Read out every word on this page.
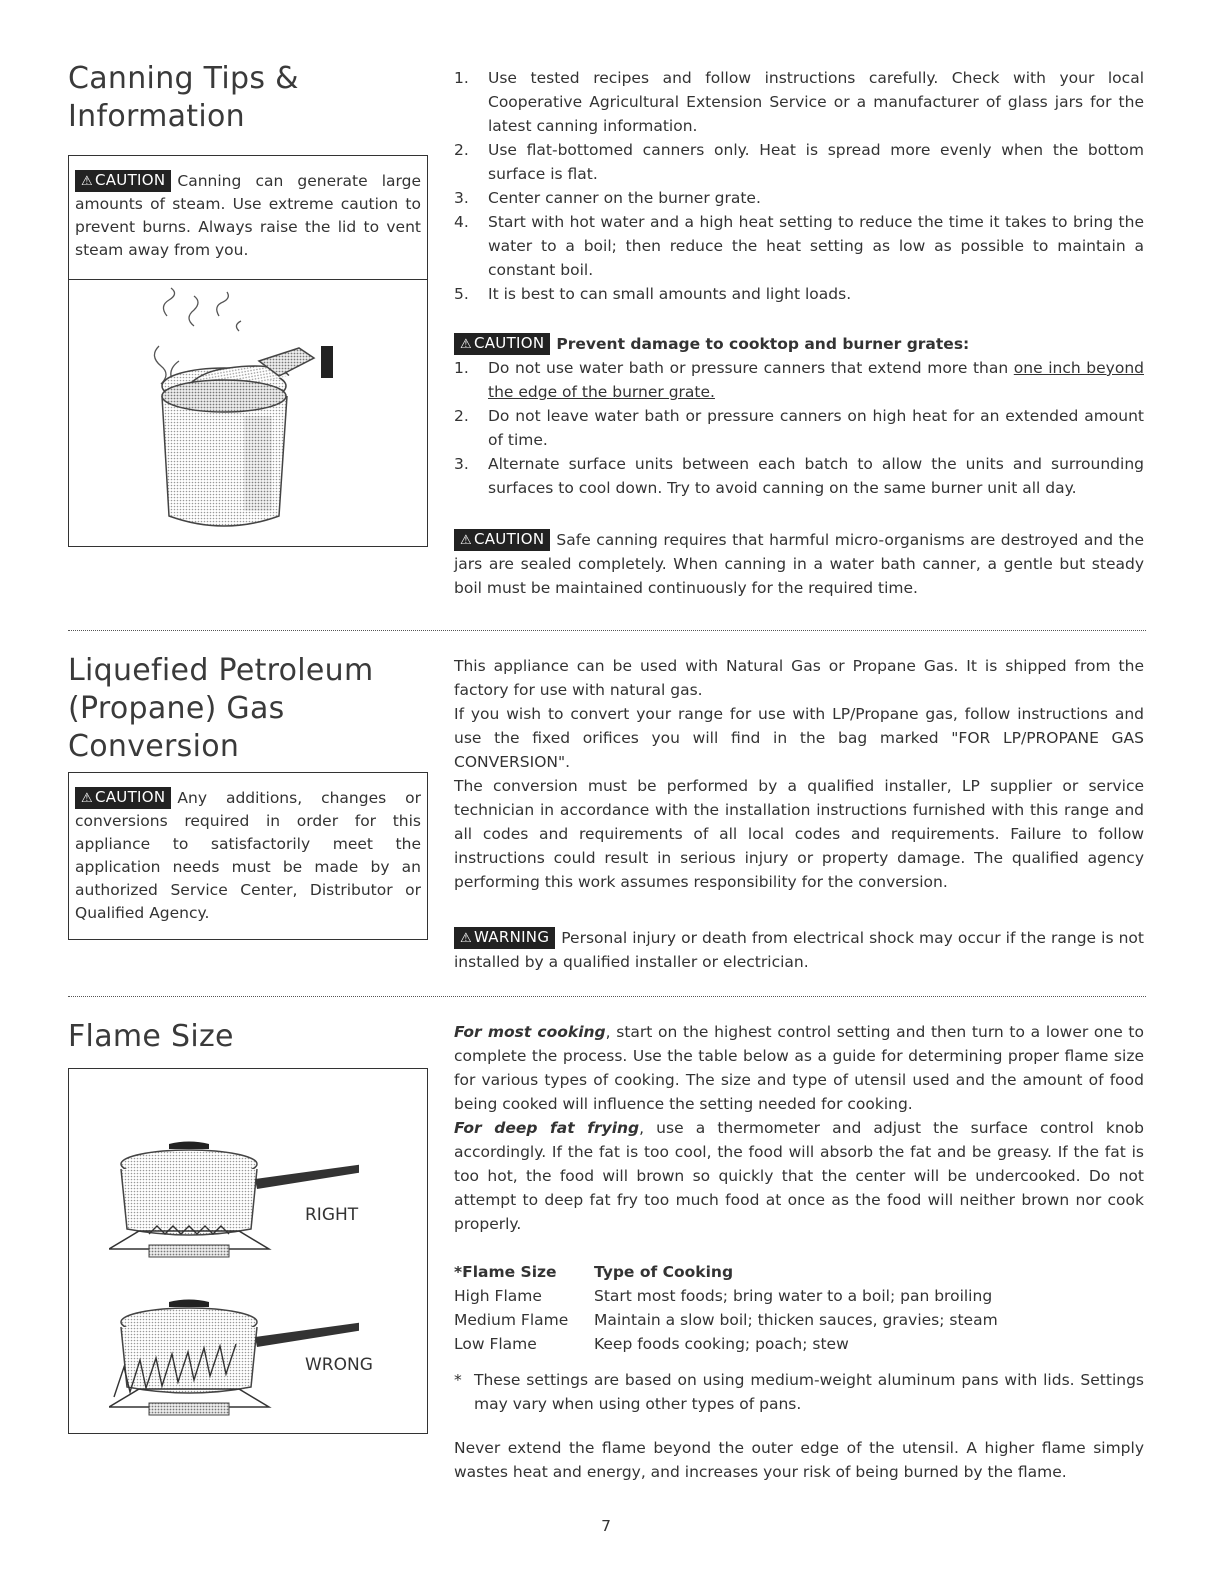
Canning Tips &
Information
⚠ CAUTION Canning can generate large amounts of steam. Use extreme caution to prevent burns. Always raise the lid to vent steam away from you.
1. Use tested recipes and follow instructions carefully. Check with your local Cooperative Agricultural Extension Service or a manufacturer of glass jars for the latest canning information.
2. Use flat-bottomed canners only. Heat is spread more evenly when the bottom surface is flat.
3. Center canner on the burner grate.
4. Start with hot water and a high heat setting to reduce the time it takes to bring the water to a boil; then reduce the heat setting as low as possible to maintain a constant boil.
5. It is best to can small amounts and light loads.
⚠ CAUTION Prevent damage to cooktop and burner grates:
1. Do not use water bath or pressure canners that extend more than one inch beyond the edge of the burner grate.
2. Do not leave water bath or pressure canners on high heat for an extended amount of time.
3. Alternate surface units between each batch to allow the units and surrounding surfaces to cool down. Try to avoid canning on the same burner unit all day.
⚠ CAUTION Safe canning requires that harmful micro-organisms are destroyed and the jars are sealed completely. When canning in a water bath canner, a gentle but steady boil must be maintained continuously for the required time.
Liquefied Petroleum
(Propane) Gas
Conversion
⚠ CAUTION Any additions, changes or conversions required in order for this appliance to satisfactorily meet the application needs must be made by an authorized Service Center, Distributor or Qualified Agency.
This appliance can be used with Natural Gas or Propane Gas. It is shipped from the factory for use with natural gas.
If you wish to convert your range for use with LP/Propane gas, follow instructions and use the fixed orifices you will find in the bag marked "FOR LP/PROPANE GAS CONVERSION".
The conversion must be performed by a qualified installer, LP supplier or service technician in accordance with the installation instructions furnished with this range and all codes and requirements of all local codes and requirements. Failure to follow instructions could result in serious injury or property damage. The qualified agency performing this work assumes responsibility for the conversion.
⚠ WARNING Personal injury or death from electrical shock may occur if the range is not installed by a qualified installer or electrician.
Flame Size
RIGHT
WRONG
For most cooking, start on the highest control setting and then turn to a lower one to complete the process. Use the table below as a guide for determining proper flame size for various types of cooking. The size and type of utensil used and the amount of food being cooked will influence the setting needed for cooking.
For deep fat frying, use a thermometer and adjust the surface control knob accordingly. If the fat is too cool, the food will absorb the fat and be greasy. If the fat is too hot, the food will brown so quickly that the center will be undercooked. Do not attempt to deep fat fry too much food at once as the food will neither brown nor cook properly.
*Flame Size	Type of Cooking
High Flame	Start most foods; bring water to a boil; pan broiling
Medium Flame	Maintain a slow boil; thicken sauces, gravies; steam
Low Flame	Keep foods cooking; poach; stew
* These settings are based on using medium-weight aluminum pans with lids. Settings may vary when using other types of pans.
Never extend the flame beyond the outer edge of the utensil. A higher flame simply wastes heat and energy, and increases your risk of being burned by the flame.
7
